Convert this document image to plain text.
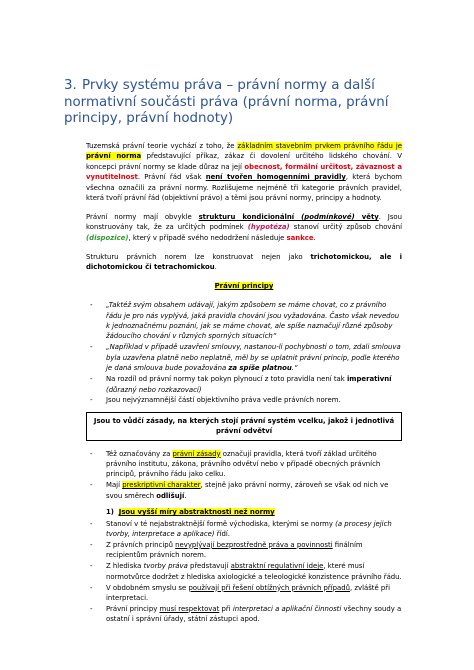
3. Prvky systému práva – právní normy a další
normativní součásti práva (právní norma, právní
principy, právní hodnoty)

Tuzemská právní teorie vychází z toho, že základním stavebním prvkem právního řádu je právní norma představující příkaz, zákaz či dovolení určitého lidského chování. V koncepci právní normy se klade důraz na její obecnost, formální určitost, závaznost a vynutitelnost. Právní řád však není tvořen homogenními pravidly, která bychom všechna označili za právní normy. Rozlišujeme nejméně tři kategorie právních pravidel, která tvoří právní řád (objektivní právo) a těmi jsou právní normy, principy a hodnoty.

Právní normy mají obvykle strukturu kondicionální (podmínkové) věty. Jsou konstruovány tak, že za určitých podmínek (hypotéza) stanoví určitý způsob chování (dispozice), který v případě svého nedodržení následuje sankce.

Strukturu právních norem lze konstruovat nejen jako trichotomickou, ale i dichotomickou či tetrachomickou.

Právní principy

- „Taktéž svým obsahem udávají, jakým způsobem se máme chovat, co z právního řádu je pro nás vyplývá, jaká pravidla chování jsou vyžadována. Často však nevedou k jednoznačnému poznání, jak se máme chovat, ale spíše naznačují různé způsoby žádoucího chování v různých sporných situacích“
- „Například v případě uzavření smlouvy, nastanou-li pochybnosti o tom, zdali smlouva byla uzavřena platně nebo neplatně, měl by se uplatnit právní princip, podle kterého je daná smlouva bude považována za spíše platnou.“
- Na rozdíl od právní normy tak pokyn plynoucí z toto pravidla není tak imperativní (důrazný nebo rozkazovací)
- Jsou nejvýznamnější částí objektivního práva vedle právních norem.
Jsou to vůdčí zásady, na kterých stojí právní systém vcelku, jakož i jednotlivá právní odvětví
- Též označovány za právní zásady označují pravidla, která tvoří základ určitého právního institutu, zákona, právního odvětví nebo v případě obecných právních principů, právního řádu jako celku.
- Mají preskriptivní charakter, stejně jako právní normy, zároveň se však od nich ve svou směrech odlišují.
1) Jsou vyšší míry abstraktnosti než normy
- Stanoví v té nejabstraktnější formě východiska, kterými se normy (a procesy jejich tvorby, interpretace a aplikace) řídí.
- Z právních principů nevyplývají bezprostředně práva a povinnosti finálním recipientům právních norem.
- Z hlediska tvorby práva představují abstraktní regulativní ideje, které musí normotvůrce dodržet z hlediska axiologické a teleologické konzistence právního řádu.
- V obdobném smyslu se používají při řešení obtížných právních případů, zvláště při interpretaci.
- Právní principy musí respektovat při interpretaci a aplikační činnosti všechny soudy a ostatní i správní úřady, státní zástupci apod.
